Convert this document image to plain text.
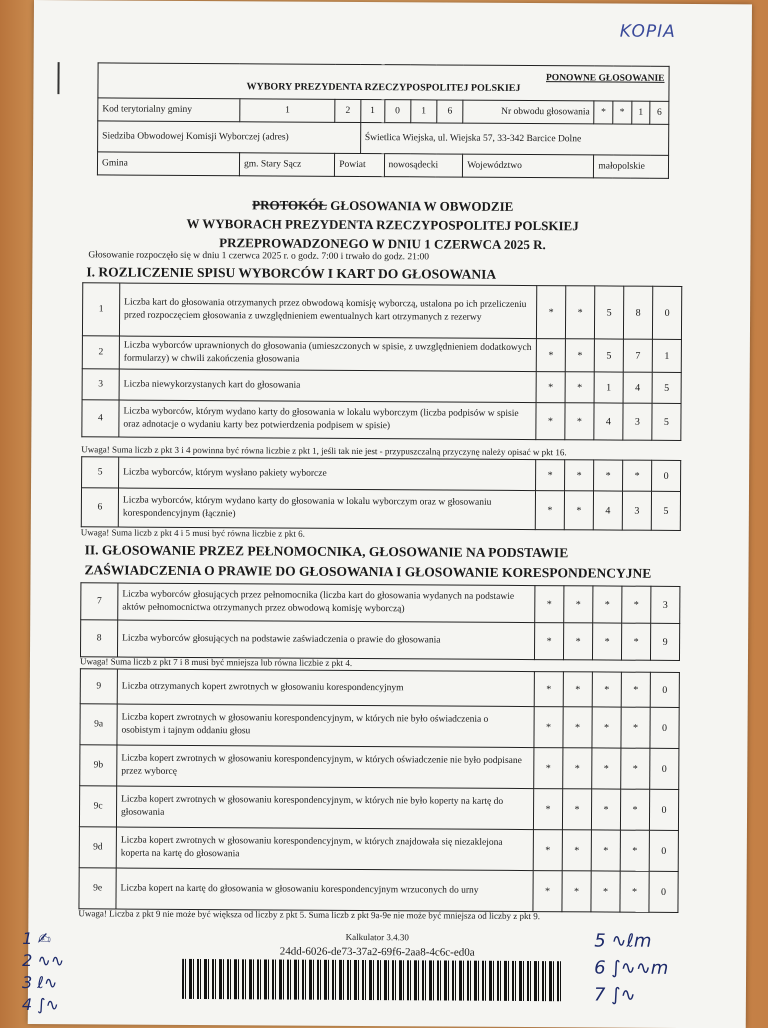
KOPIA
PONOWNE GŁOSOWANIE
WYBORY PREZYDENTA RZECZYPOSPOLITEJ POLSKIEJ											

Kod terytorialny gminy	1	2	1	0	1	6	Nr obwodu głosowania	*	*	1	6
Siedziba Obwodowej Komisji Wyborczej (adres)			Świetlica Wiejska, ul. Wiejska 57, 33-342 Barcice Dolne								
Gmina	gm. Stary Sącz	Powiat		nowosądecki			Województwo	małopolskie			
PROTOKÓŁ GŁOSOWANIA W OBWODZIE
W WYBORACH PREZYDENTA RZECZYPOSPOLITEJ POLSKIEJ
PRZEPROWADZONEGO W DNIU 1 CZERWCA 2025 R.
Głosowanie rozpoczęło się w dniu 1 czerwca 2025 r. o godz. 7:00 i trwało do godz. 21:00
I. ROZLICZENIE SPISU WYBORCÓW I KART DO GŁOSOWANIA
1	Liczba kart do głosowania otrzymanych przez obwodową komisję wyborczą, ustalona po ich przeliczeniu przed rozpoczęciem głosowania z uwzględnieniem ewentualnych kart otrzymanych z rezerwy	*	*	5	8	0
2	Liczba wyborców uprawnionych do głosowania (umieszczonych w spisie, z uwzględnieniem dodatkowych formularzy) w chwili zakończenia głosowania	*	*	5	7	1
3	Liczba niewykorzystanych kart do głosowania	*	*	1	4	5
4	Liczba wyborców, którym wydano karty do głosowania w lokalu wyborczym (liczba podpisów w spisie oraz adnotacje o wydaniu karty bez potwierdzenia podpisem w spisie)	*	*	4	3	5
Uwaga! Suma liczb z pkt 3 i 4 powinna być równa liczbie z pkt 1, jeśli tak nie jest - przypuszczalną przyczynę należy opisać w pkt 16.
5	Liczba wyborców, którym wysłano pakiety wyborcze	*	*	*	*	0
6	Liczba wyborców, którym wydano karty do głosowania w lokalu wyborczym oraz w głosowaniu korespondencyjnym (łącznie)	*	*	4	3	5
Uwaga! Suma liczb z pkt 4 i 5 musi być równa liczbie z pkt 6.
II. GŁOSOWANIE PRZEZ PEŁNOMOCNIKA, GŁOSOWANIE NA PODSTAWIE
ZAŚWIADCZENIA O PRAWIE DO GŁOSOWANIA I GŁOSOWANIE KORESPONDENCYJNE
7	Liczba wyborców głosujących przez pełnomocnika (liczba kart do głosowania wydanych na podstawie aktów pełnomocnictwa otrzymanych przez obwodową komisję wyborczą)	*	*	*	*	3
8	Liczba wyborców głosujących na podstawie zaświadczenia o prawie do głosowania	*	*	*	*	9
Uwaga! Suma liczb z pkt 7 i 8 musi być mniejsza lub równa liczbie z pkt 4.
9	Liczba otrzymanych kopert zwrotnych w głosowaniu korespondencyjnym	*	*	*	*	0
9a	Liczba kopert zwrotnych w głosowaniu korespondencyjnym, w których nie było oświadczenia o osobistym i tajnym oddaniu głosu	*	*	*	*	0
9b	Liczba kopert zwrotnych w głosowaniu korespondencyjnym, w których oświadczenie nie było podpisane przez wyborcę	*	*	*	*	0
9c	Liczba kopert zwrotnych w głosowaniu korespondencyjnym, w których nie było koperty na kartę do głosowania	*	*	*	*	0
9d	Liczba kopert zwrotnych w głosowaniu korespondencyjnym, w których znajdowała się niezaklejona koperta na kartę do głosowania	*	*	*	*	0
9e	Liczba kopert na kartę do głosowania w głosowaniu korespondencyjnym wrzuconych do urny	*	*	*	*	0
Uwaga! Liczba z pkt 9 nie może być większa od liczby z pkt 5. Suma liczb z pkt 9a-9e nie może być mniejsza od liczby z pkt 9.
Kalkulator 3.4.30
24dd-6026-de73-37a2-69f6-2aa8-4c6c-ed0a
1 ✍
2 ∿∿
3 ℓ∿
4 ∫∿
5 ∿ℓm
6 ∫∿∿m
7 ∫∿
